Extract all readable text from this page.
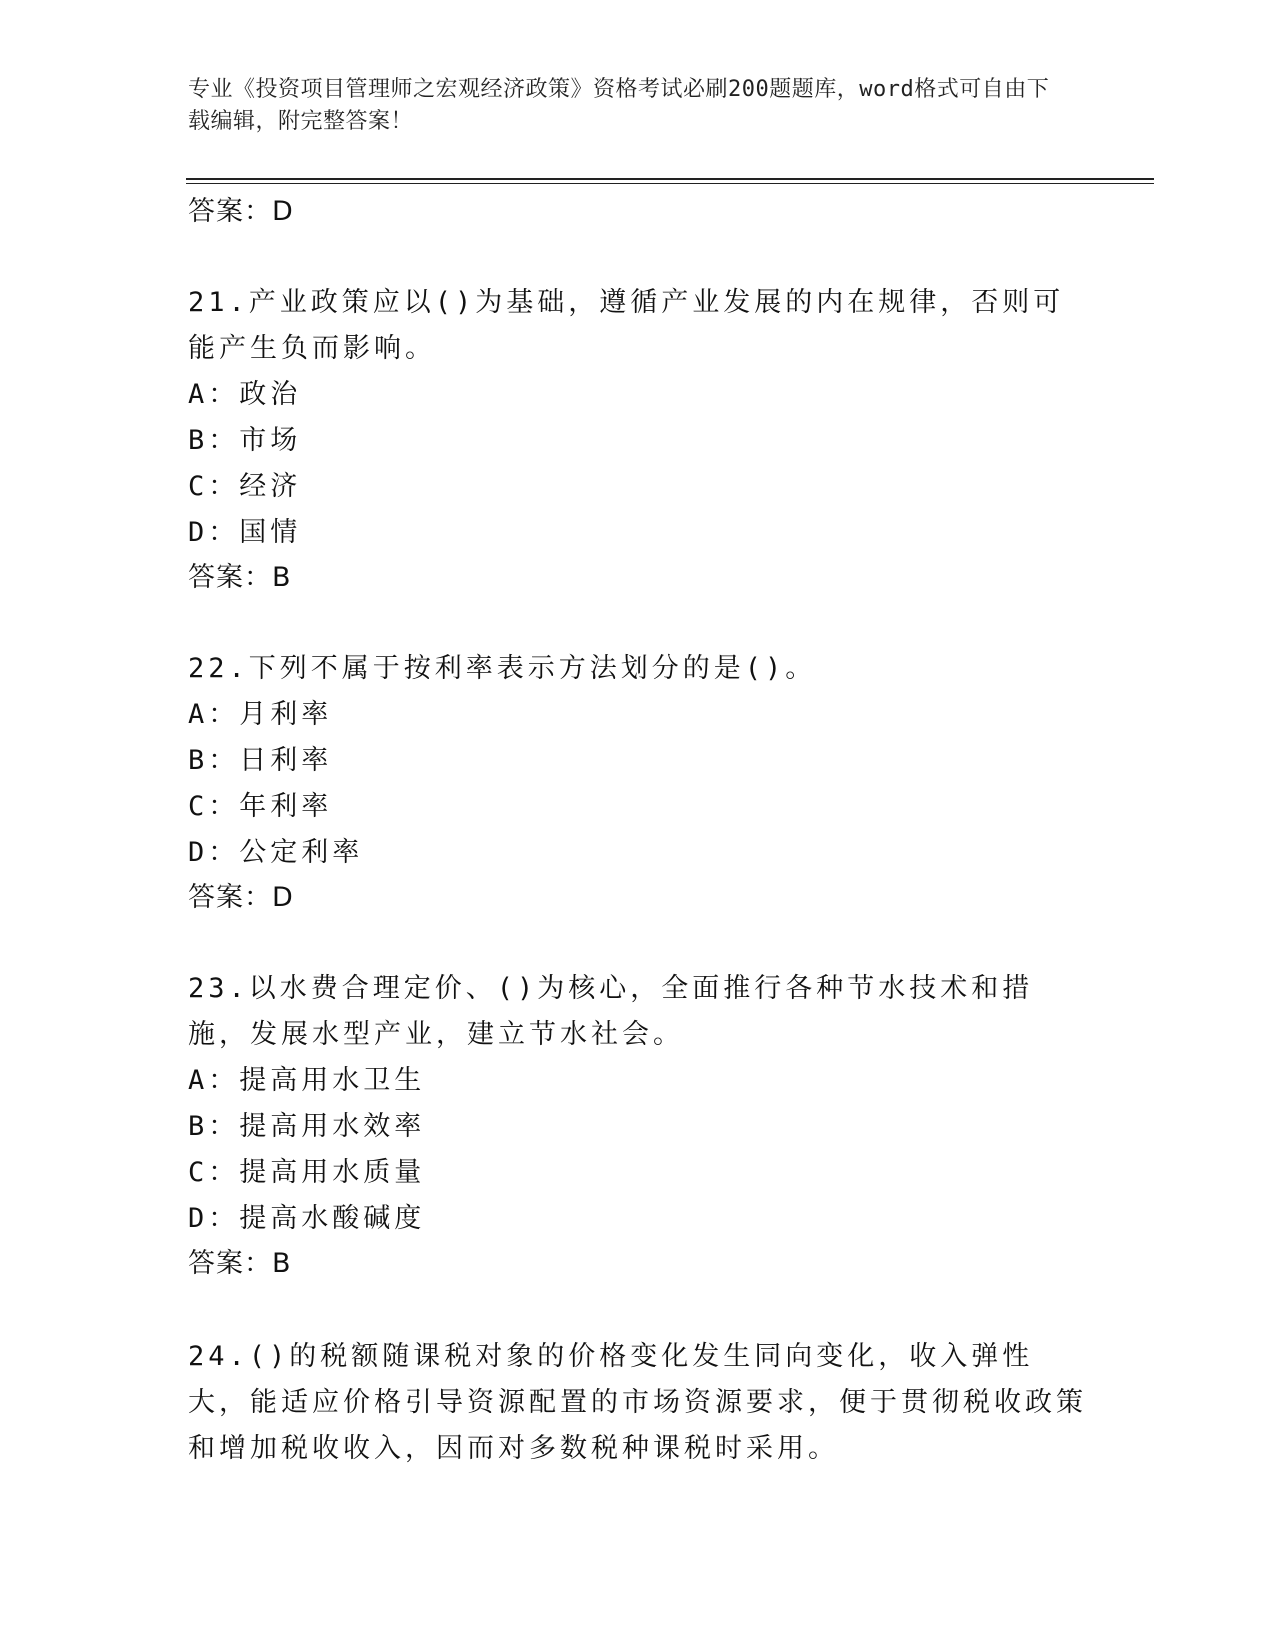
专业《投资项目管理师之宏观经济政策》资格考试必刷200题题库，word格式可自由下载编辑，附完整答案！
答案：D
21.产业政策应以()为基础，遵循产业发展的内在规律，否则可能产生负而影响。
A：政治
B：市场
C：经济
D：国情
答案：B
22.下列不属于按利率表示方法划分的是()。
A：月利率
B：日利率
C：年利率
D：公定利率
答案：D
23.以水费合理定价、()为核心，全面推行各种节水技术和措施，发展水型产业，建立节水社会。
A：提高用水卫生
B：提高用水效率
C：提高用水质量
D：提高水酸碱度
答案：B
24.()的税额随课税对象的价格变化发生同向变化，收入弹性大，能适应价格引导资源配置的市场资源要求，便于贯彻税收政策和增加税收收入，因而对多数税种课税时采用。
